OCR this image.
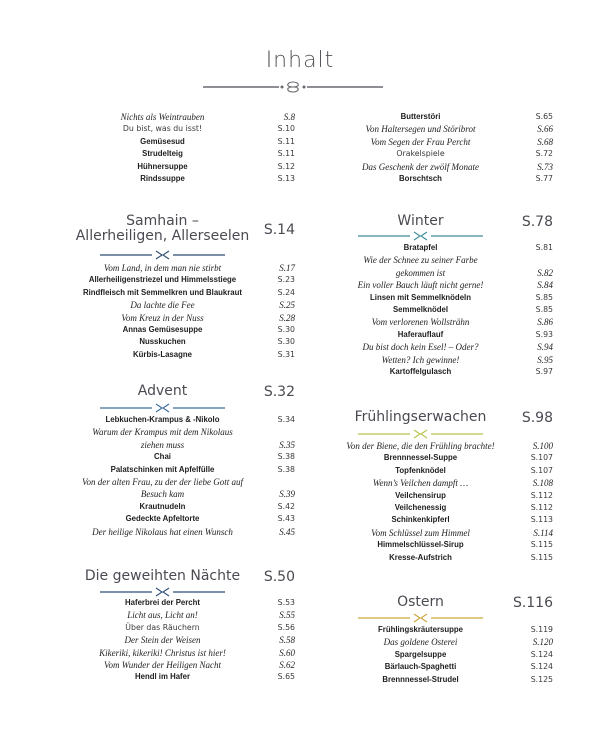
Inhalt
Nichts als Weintrauben	S.8
Du bist, was du isst!	S.10
Gemüsesud	S.11
Strudelteig	S.11
Hühnersuppe	S.12
Rindssuppe	S.13
Samhain –
Allerheiligen, Allerseelen	S.14
Vom Land, in dem man nie stirbt	S.17
Allerheiligenstriezel und Himmelsstiege	S.23
Rindfleisch mit Semmelkren und Blaukraut	S.24
Da lachte die Fee	S.25
Vom Kreuz in der Nuss	S.28
Annas Gemüsesuppe	S.30
Nusskuchen	S.30
Kürbis-Lasagne	S.31
Advent	S.32
Lebkuchen-Krampus & -Nikolo	S.34
Warum der Krampus mit dem Nikolaus
ziehen muss	S.35
Chai	S.38
Palatschinken mit Apfelfülle	S.38
Von der alten Frau, zu der der liebe Gott auf
Besuch kam	S.39
Krautnudeln	S.42
Gedeckte Apfeltorte	S.43
Der heilige Nikolaus hat einen Wunsch	S.45
Die geweihten Nächte	S.50
Haferbrei der Percht	S.53
Licht aus, Licht an!	S.55
Über das Räuchern	S.56
Der Stein der Weisen	S.58
Kikeriki, kikeriki! Christus ist hier!	S.60
Vom Wunder der Heiligen Nacht	S.62
Hendl im Hafer	S.65
Butterstöri	S.65
Von Haltersegen und Störibrot	S.66
Vom Segen der Frau Percht	S.68
Orakelspiele	S.72
Das Geschenk der zwölf Monate	S.73
Borschtsch	S.77
Winter	S.78
Bratapfel	S.81
Wie der Schnee zu seiner Farbe
gekommen ist	S.82
Ein voller Bauch läuft nicht gerne!	S.84
Linsen mit Semmelknödeln	S.85
Semmelknödel	S.85
Vom verlorenen Wollsträhn	S.86
Haferauflauf	S.93
Du bist doch kein Esel! – Oder?	S.94
Wetten? Ich gewinne!	S.95
Kartoffelgulasch	S.97
Frühlingserwachen	S.98
Von der Biene, die den Frühling brachte!	S.100
Brennnessel-Suppe	S.107
Topfenknödel	S.107
Wenn’s Veilchen dampft …	S.108
Veilchensirup	S.112
Veilchenessig	S.112
Schinkenkipferl	S.113
Vom Schlüssel zum Himmel	S.114
Himmelschlüssel-Sirup	S.115
Kresse-Aufstrich	S.115
Ostern	S.116
Frühlingskräutersuppe	S.119
Das goldene Osterei	S.120
Spargelsuppe	S.124
Bärlauch-Spaghetti	S.124
Brennnessel-Strudel	S.125
